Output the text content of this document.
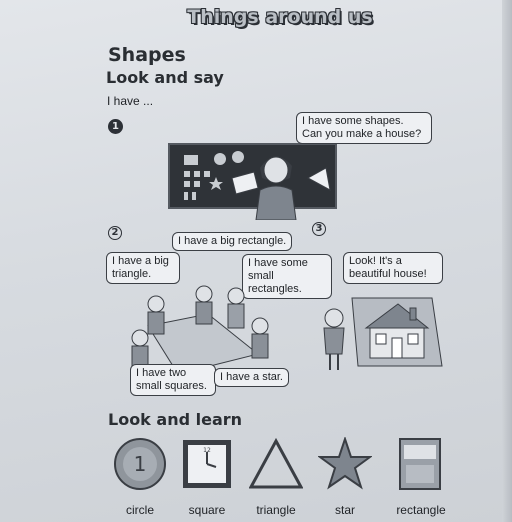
Things around us
Shapes
Look and say
I have ...
1	I have some shapes. Can you make a house?
2
I have a big rectangle.
I have a big triangle.
I have some small rectangles.
I have two small squares.
I have a star.
3
Look! It's a beautiful house!
Look and learn
1
12
circle	square	triangle	star	rectangle
